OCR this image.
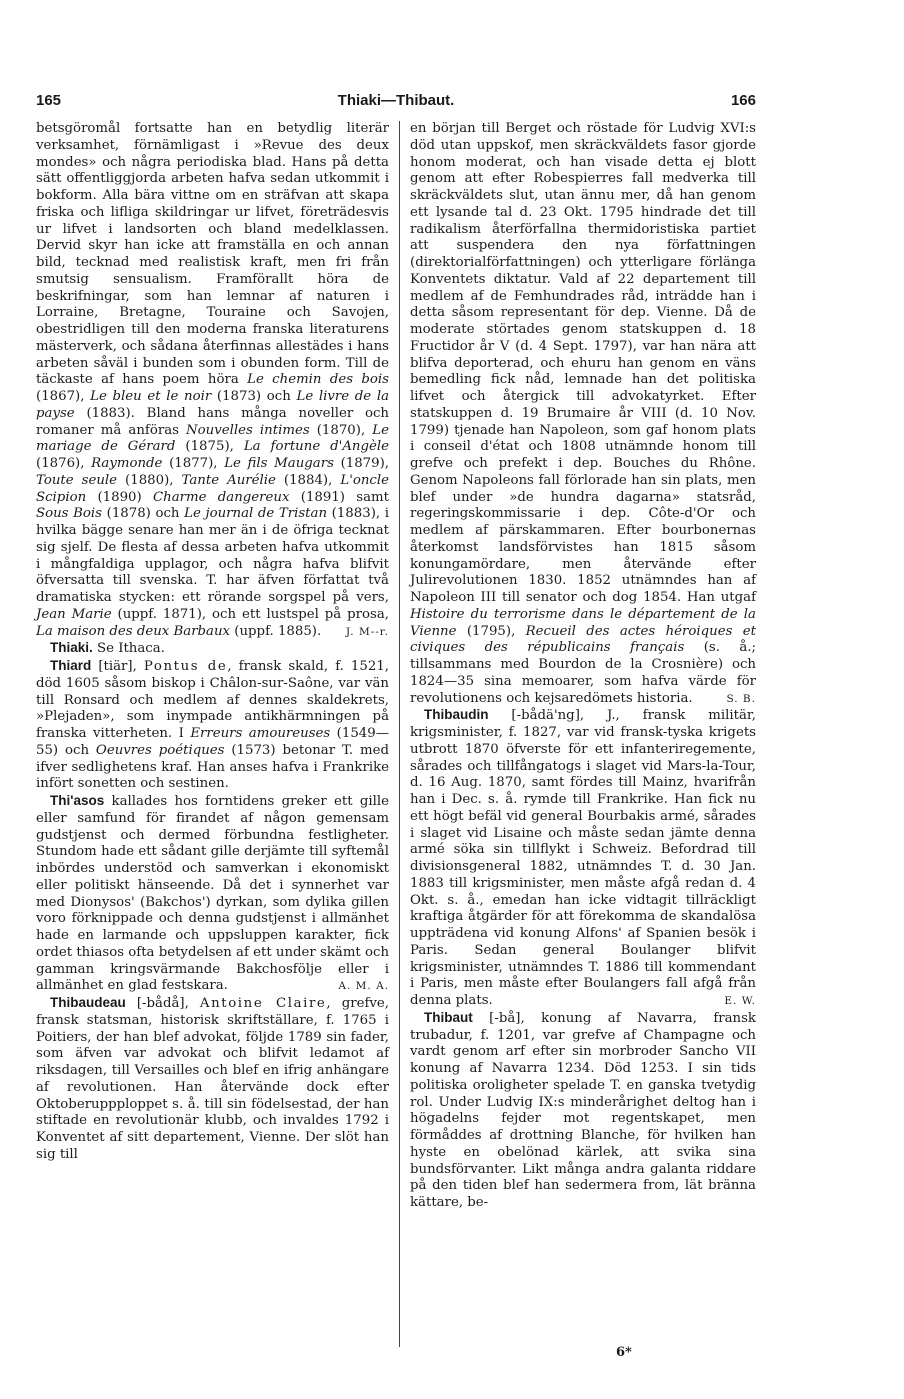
165	Thiaki—Thibaut.	166

betsgöromål fortsatte han en betydlig literär verksamhet, förnämligast i »Revue des deux mondes» och några periodiska blad. Hans på detta sätt offentliggjorda arbeten hafva sedan utkommit i bokform. Alla bära vittne om en sträfvan att skapa friska och lifliga skildringar ur lifvet, företrädesvis ur lifvet i landsorten och bland medelklassen. Dervid skyr han icke att framställa en och annan bild, tecknad med realistisk kraft, men fri från smutsig sensualism. Framförallt höra de beskrifningar, som han lemnar af naturen i Lorraine, Bretagne, Touraine och Savojen, obestridligen till den moderna franska literaturens mästerverk, och sådana återfinnas allestädes i hans arbeten såväl i bunden som i obunden form. Till de täckaste af hans poem höra Le chemin des bois (1867), Le bleu et le noir (1873) och Le livre de la payse (1883). Bland hans många noveller och romaner må anföras Nouvelles intimes (1870), Le mariage de Gérard (1875), La fortune d'Angèle (1876), Raymonde (1877), Le fils Maugars (1879), Toute seule (1880), Tante Aurélie (1884), L'oncle Scipion (1890) Charme dangereux (1891) samt Sous Bois (1878) och Le journal de Tristan (1883), i hvilka bägge senare han mer än i de öfriga tecknat sig sjelf. De flesta af dessa arbeten hafva utkommit i mångfaldiga upplagor, och några hafva blifvit öfversatta till svenska. T. har äfven författat två dramatiska stycken: ett rörande sorgspel på vers, Jean Marie (uppf. 1871), och ett lustspel på prosa, La maison des deux Barbaux (uppf. 1885). J. M--r.

Thiaki. Se Ithaca.

Thiard [tiär], Pontus de, fransk skald, f. 1521, död 1605 såsom biskop i Châlon-sur-Saône, var vän till Ronsard och medlem af dennes skaldekrets, »Plejaden», som inympade antikhärmningen på franska vitterheten. I Erreurs amoureuses (1549—55) och Oeuvres poétiques (1573) betonar T. med ifver sedlighetens kraf. Han anses hafva i Frankrike infört sonetten och sestinen.

Thi'asos kallades hos forntidens greker ett gille eller samfund för firandet af någon gemensam gudstjenst och dermed förbundna festligheter. Stundom hade ett sådant gille derjämte till syftemål inbördes understöd och samverkan i ekonomiskt eller politiskt hänseende. Då det i synnerhet var med Dionysos' (Bakchos') dyrkan, som dylika gillen voro förknippade och denna gudstjenst i allmänhet hade en larmande och uppsluppen karakter, fick ordet thiasos ofta betydelsen af ett under skämt och gamman kringsvärmande Bakchosfölje eller i allmänhet en glad festskara.	A. M. A.

Thibaudeau [-bådå], Antoine Claire, grefve, fransk statsman, historisk skriftställare, f. 1765 i Poitiers, der han blef advokat, följde 1789 sin fader, som äfven var advokat och blifvit ledamot af riksdagen, till Versailles och blef en ifrig anhängare af revolutionen. Han återvände dock efter Oktoberuppploppet s. å. till sin födelsestad, der han stiftade en revolutionär klubb, och invaldes 1792 i Konventet af sitt departement, Vienne. Der slöt han sig till

en början till Berget och röstade för Ludvig XVI:s död utan uppskof, men skräckväldets fasor gjorde honom moderat, och han visade detta ej blott genom att efter Robespierres fall medverka till skräckväldets slut, utan ännu mer, då han genom ett lysande tal d. 23 Okt. 1795 hindrade det till radikalism återförfallna thermidoristiska partiet att suspendera den nya författningen (direktorialförfattningen) och ytterligare förlänga Konventets diktatur. Vald af 22 departement till medlem af de Femhundrades råd, inträdde han i detta såsom representant för dep. Vienne. Då de moderate störtades genom statskuppen d. 18 Fructidor år V (d. 4 Sept. 1797), var han nära att blifva deporterad, och ehuru han genom en väns bemedling fick nåd, lemnade han det politiska lifvet och återgick till advokatyrket. Efter statskuppen d. 19 Brumaire år VIII (d. 10 Nov. 1799) tjenade han Napoleon, som gaf honom plats i conseil d'état och 1808 utnämnde honom till grefve och prefekt i dep. Bouches du Rhône. Genom Napoleons fall förlorade han sin plats, men blef under »de hundra dagarna» statsråd, regeringskommissarie i dep. Côte-d'Or och medlem af pärskammaren. Efter bourbonernas återkomst landsförvistes han 1815 såsom konungamördare, men återvände efter Julirevolutionen 1830. 1852 utnämndes han af Napoleon III till senator och dog 1854. Han utgaf Histoire du terrorisme dans le département de la Vienne (1795), Recueil des actes héroiques et civiques des républicains français (s. å.; tillsammans med Bourdon de la Crosnière) och 1824—35 sina memoarer, som hafva värde för revolutionens och kejsaredömets historia.	S. B.

Thibaudin [-bådä'ng], J., fransk militär, krigsminister, f. 1827, var vid fransk-tyska krigets utbrott 1870 öfverste för ett infanteriregemente, sårades och tillfångatogs i slaget vid Mars-la-Tour, d. 16 Aug. 1870, samt fördes till Mainz, hvarifrån han i Dec. s. å. rymde till Frankrike. Han fick nu ett högt befäl vid general Bourbakis armé, sårades i slaget vid Lisaine och måste sedan jämte denna armé söka sin tillflykt i Schweiz. Befordrad till divisionsgeneral 1882, utnämndes T. d. 30 Jan. 1883 till krigsminister, men måste afgå redan d. 4 Okt. s. å., emedan han icke vidtagit tillräckligt kraftiga åtgärder för att förekomma de skandalösa uppträdena vid konung Alfons' af Spanien besök i Paris. Sedan general Boulanger blifvit krigsminister, utnämndes T. 1886 till kommendant i Paris, men måste efter Boulangers fall afgå från denna plats.	E. W.

Thibaut [-bå], konung af Navarra, fransk trubadur, f. 1201, var grefve af Champagne och vardt genom arf efter sin morbroder Sancho VII konung af Navarra 1234. Död 1253. I sin tids politiska oroligheter spelade T. en ganska tvetydig rol. Under Ludvig IX:s minderårighet deltog han i högadelns fejder mot regentskapet, men förmåddes af drottning Blanche, för hvilken han hyste en obelönad kärlek, att svika sina bundsförvanter. Likt många andra galanta riddare på den tiden blef han sedermera from, lät bränna kättare, be-

6*
